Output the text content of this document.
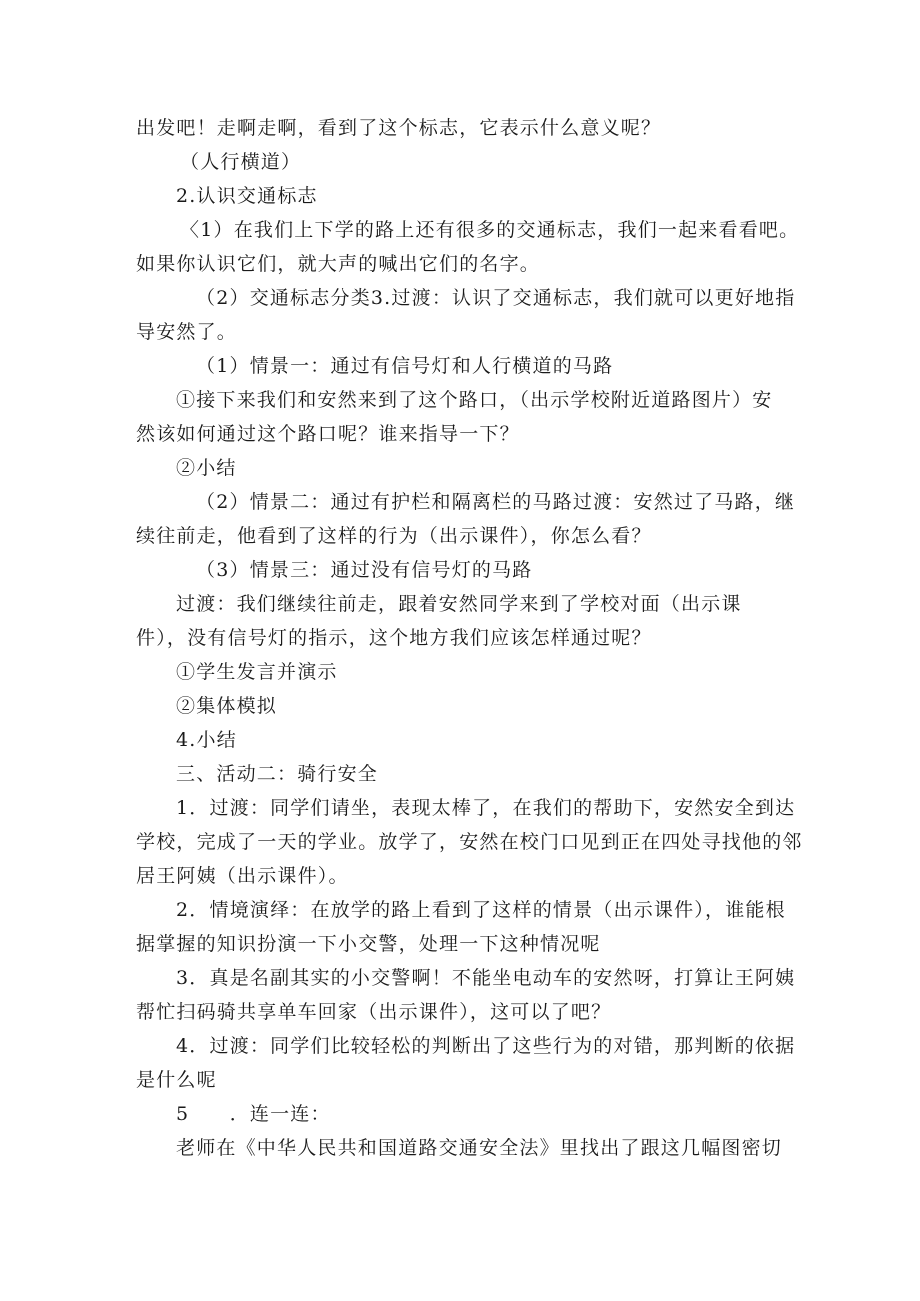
出发吧！走啊走啊，看到了这个标志，它表示什么意义呢？
（人行横道）
2.认识交通标志
〈1）在我们上下学的路上还有很多的交通标志，我们一起来看看吧。
如果你认识它们，就大声的喊出它们的名字。
（2）交通标志分类3.过渡：认识了交通标志，我们就可以更好地指
导安然了。
（1）情景一：通过有信号灯和人行横道的马路
①接下来我们和安然来到了这个路口，（出示学校附近道路图片）安
然该如何通过这个路口呢？谁来指导一下？
②小结
（2）情景二：通过有护栏和隔离栏的马路过渡：安然过了马路，继
续往前走，他看到了这样的行为（出示课件），你怎么看？
（3）情景三：通过没有信号灯的马路
过渡：我们继续往前走，跟着安然同学来到了学校对面（出示课
件），没有信号灯的指示，这个地方我们应该怎样通过呢？
①学生发言并演示
②集体模拟
4.小结
三、活动二：骑行安全
1．过渡：同学们请坐，表现太棒了，在我们的帮助下，安然安全到达
学校，完成了一天的学业。放学了，安然在校门口见到正在四处寻找他的邻
居王阿姨（出示课件）。
2．情境演绎：在放学的路上看到了这样的情景（出示课件），谁能根
据掌握的知识扮演一下小交警，处理一下这种情况呢
3．真是名副其实的小交警啊！不能坐电动车的安然呀，打算让王阿姨
帮忙扫码骑共享单车回家（出示课件），这可以了吧？
4．过渡：同学们比较轻松的判断出了这些行为的对错，那判断的依据
是什么呢
5　　．连一连：
老师在《中华人民共和国道路交通安全法》里找出了跟这几幅图密切
